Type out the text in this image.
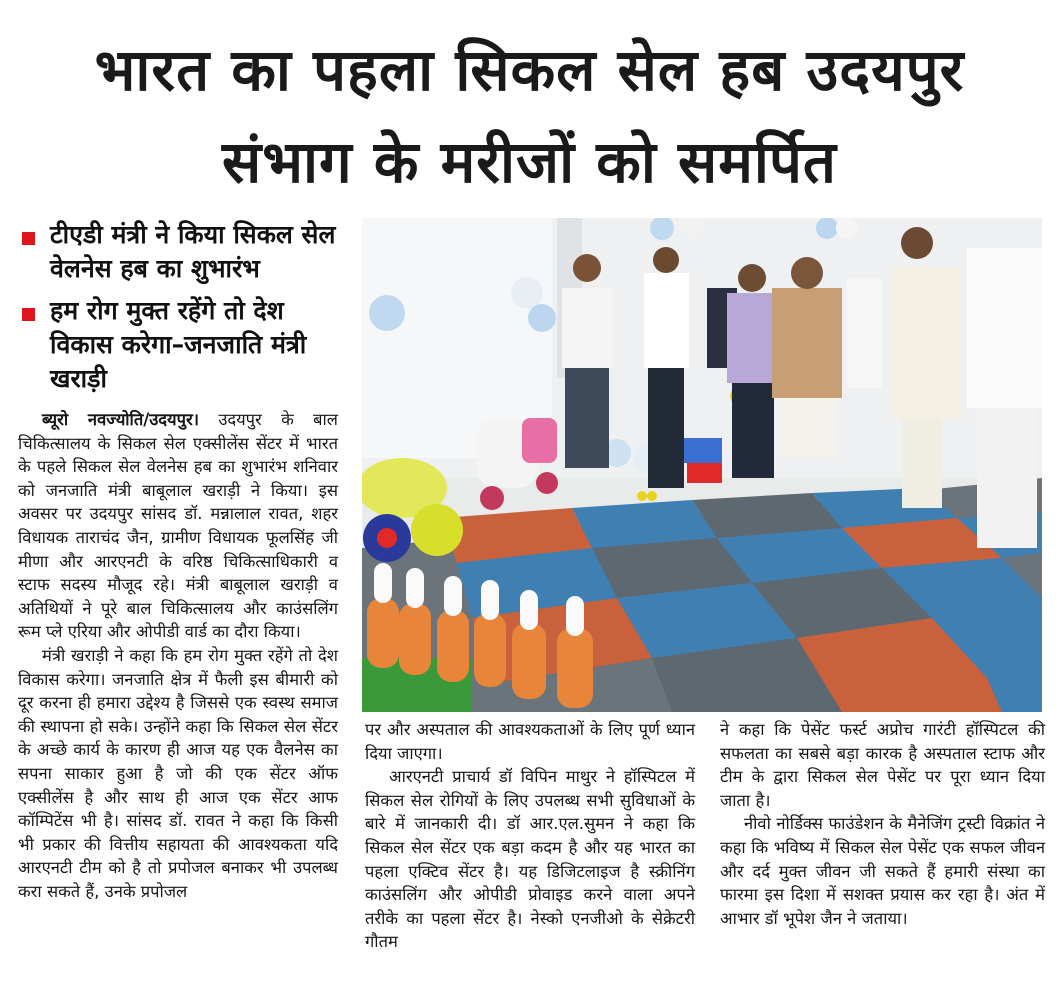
भारत का पहला सिकल सेल हब उदयपुर
संभाग के मरीजों को समर्पित
टीएडी मंत्री ने किया सिकल सेल वेलनेस हब का शुभारंभ
हम रोग मुक्त रहेंगे तो देश विकास करेगा–जनजाति मंत्री खराड़ी

ब्यूरो नवज्योति/उदयपुर। उदयपुर के बाल चिकित्सालय के सिकल सेल एक्सीलेंस सेंटर में भारत के पहले सिकल सेल वेलनेस हब का शुभारंभ शनिवार को जनजाति मंत्री बाबूलाल खराड़ी ने किया। इस अवसर पर उदयपुर सांसद डॉ. मन्नालाल रावत, शहर विधायक ताराचंद जैन, ग्रामीण विधायक फूलसिंह जी मीणा और आरएनटी के वरिष्ठ चिकित्साधिकारी व स्टाफ सदस्य मौजूद रहे। मंत्री बाबूलाल खराड़ी व अतिथियों ने पूरे बाल चिकित्सालय और काउंसलिंग रूम प्ले एरिया और ओपीडी वार्ड का दौरा किया।

मंत्री खराड़ी ने कहा कि हम रोग मुक्त रहेंगे तो देश विकास करेगा। जनजाति क्षेत्र में फैली इस बीमारी को दूर करना ही हमारा उद्देश्य है जिससे एक स्वस्थ समाज की स्थापना हो सके। उन्होंने कहा कि सिकल सेल सेंटर के अच्छे कार्य के कारण ही आज यह एक वैलनेस का सपना साकार हुआ है जो की एक सेंटर ऑफ एक्सीलेंस है और साथ ही आज एक सेंटर आफ कॉम्पिटेंस भी है। सांसद डॉ. रावत ने कहा कि किसी भी प्रकार की वित्तीय सहायता की आवश्यकता यदि आरएनटी टीम को है तो प्रपोजल बनाकर भी उपलब्ध करा सकते हैं, उनके प्रपोजल

पर और अस्पताल की आवश्यकताओं के लिए पूर्ण ध्यान दिया जाएगा।

आरएनटी प्राचार्य डॉ विपिन माथुर ने हॉस्पिटल में सिकल सेल रोगियों के लिए उपलब्ध सभी सुविधाओं के बारे में जानकारी दी। डॉ आर.एल.सुमन ने कहा कि सिकल सेल सेंटर एक बड़ा कदम है और यह भारत का पहला एक्टिव सेंटर है। यह डिजिटलाइज है स्क्रीनिंग काउंसलिंग और ओपीडी प्रोवाइड करने वाला अपने तरीके का पहला सेंटर है। नेस्को एनजीओ के सेक्रेटरी गौतम

ने कहा कि पेसेंट फर्स्ट अप्रोच गारंटी हॉस्पिटल की सफलता का सबसे बड़ा कारक है अस्पताल स्टाफ और टीम के द्वारा सिकल सेल पेसेंट पर पूरा ध्यान दिया जाता है।

नीवो नोर्डिक्स फाउंडेशन के मैनेजिंग ट्रस्टी विक्रांत ने कहा कि भविष्य में सिकल सेल पेसेंट एक सफल जीवन और दर्द मुक्त जीवन जी सकते हैं हमारी संस्था का फारमा इस दिशा में सशक्त प्रयास कर रहा है। अंत में आभार डॉ भूपेश जैन ने जताया।
